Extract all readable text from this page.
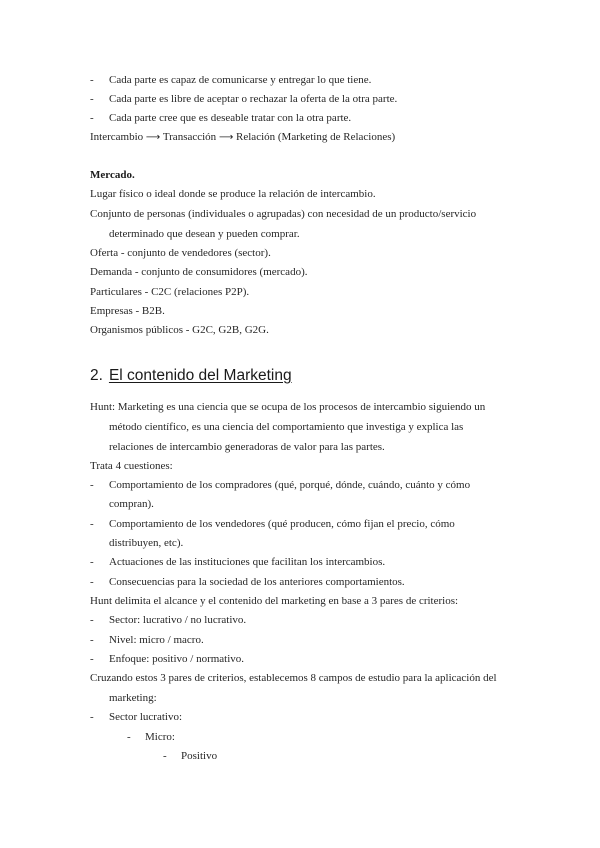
- Cada parte es capaz de comunicarse y entregar lo que tiene.
- Cada parte es libre de aceptar o rechazar la oferta de la otra parte.
- Cada parte cree que es deseable tratar con la otra parte.
Intercambio ⟶ Transacción ⟶ Relación (Marketing de Relaciones)
Mercado.
Lugar físico o ideal donde se produce la relación de intercambio.
Conjunto de personas (individuales o agrupadas) con necesidad de un producto/servicio
determinado que desean y pueden comprar.
Oferta - conjunto de vendedores (sector).
Demanda - conjunto de consumidores (mercado).
Particulares - C2C (relaciones P2P).
Empresas - B2B.
Organismos públicos - G2C, G2B, G2G.
2. El contenido del Marketing
Hunt: Marketing es una ciencia que se ocupa de los procesos de intercambio siguiendo un
método científico, es una ciencia del comportamiento que investiga y explica las
relaciones de intercambio generadoras de valor para las partes.
Trata 4 cuestiones:
- Comportamiento de los compradores (qué, porqué, dónde, cuándo, cuánto y cómo
compran).
- Comportamiento de los vendedores (qué producen, cómo fijan el precio, cómo
distribuyen, etc).
- Actuaciones de las instituciones que facilitan los intercambios.
- Consecuencias para la sociedad de los anteriores comportamientos.
Hunt delimita el alcance y el contenido del marketing en base a 3 pares de criterios:
- Sector: lucrativo / no lucrativo.
- Nivel: micro / macro.
- Enfoque: positivo / normativo.
Cruzando estos 3 pares de criterios, establecemos 8 campos de estudio para la aplicación del
marketing:
- Sector lucrativo:
- Micro:
- Positivo
